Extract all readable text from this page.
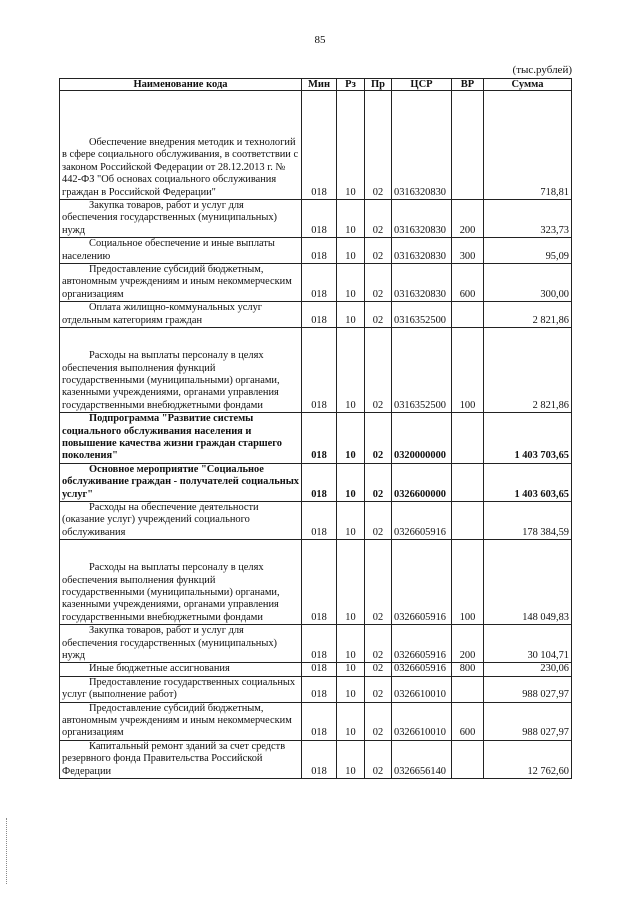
85
(тыс.рублей)
Наименование кода	Мин	Рз	Пр	ЦСР	ВР	Сумма

Обеспечение внедрения методик и технологий в сфере социального обслуживания, в соответствии с законом Российской Федерации от 28.12.2013 г. № 442-ФЗ "Об основах социального обслуживания граждан в Российской Федерации"	018	10	02	0316320830		718,81

Закупка товаров, работ и услуг для обеспечения государственных (муниципальных) нужд	018	10	02	0316320830	200	323,73

Социальное обеспечение и иные выплаты населению	018	10	02	0316320830	300	95,09

Предоставление субсидий бюджетным, автономным учреждениям и иным некоммерческим организациям	018	10	02	0316320830	600	300,00

Оплата жилищно-коммунальных услуг отдельным категориям граждан	018	10	02	0316352500		2 821,86

Расходы на выплаты персоналу в целях обеспечения выполнения функций государственными (муниципальными) органами, казенными учреждениями, органами управления государственными внебюджетными фондами	018	10	02	0316352500	100	2 821,86

Подпрограмма "Развитие системы социального обслуживания населения и повышение качества жизни граждан старшего поколения"	018	10	02	0320000000		1 403 703,65

Основное мероприятие "Социальное обслуживание граждан - получателей социальных услуг"	018	10	02	0326600000		1 403 603,65

Расходы на обеспечение деятельности (оказание услуг) учреждений социального обслуживания	018	10	02	0326605916		178 384,59

Расходы на выплаты персоналу в целях обеспечения выполнения функций государственными (муниципальными) органами, казенными учреждениями, органами управления государственными внебюджетными фондами	018	10	02	0326605916	100	148 049,83

Закупка товаров, работ и услуг для обеспечения государственных (муниципальных) нужд	018	10	02	0326605916	200	30 104,71

Иные бюджетные ассигнования	018	10	02	0326605916	800	230,06

Предоставление государственных социальных услуг (выполнение работ)	018	10	02	0326610010		988 027,97

Предоставление субсидий бюджетным, автономным учреждениям и иным некоммерческим организациям	018	10	02	0326610010	600	988 027,97

Капитальный ремонт зданий за счет средств резервного фонда Правительства Российской Федерации	018	10	02	0326656140		12 762,60
